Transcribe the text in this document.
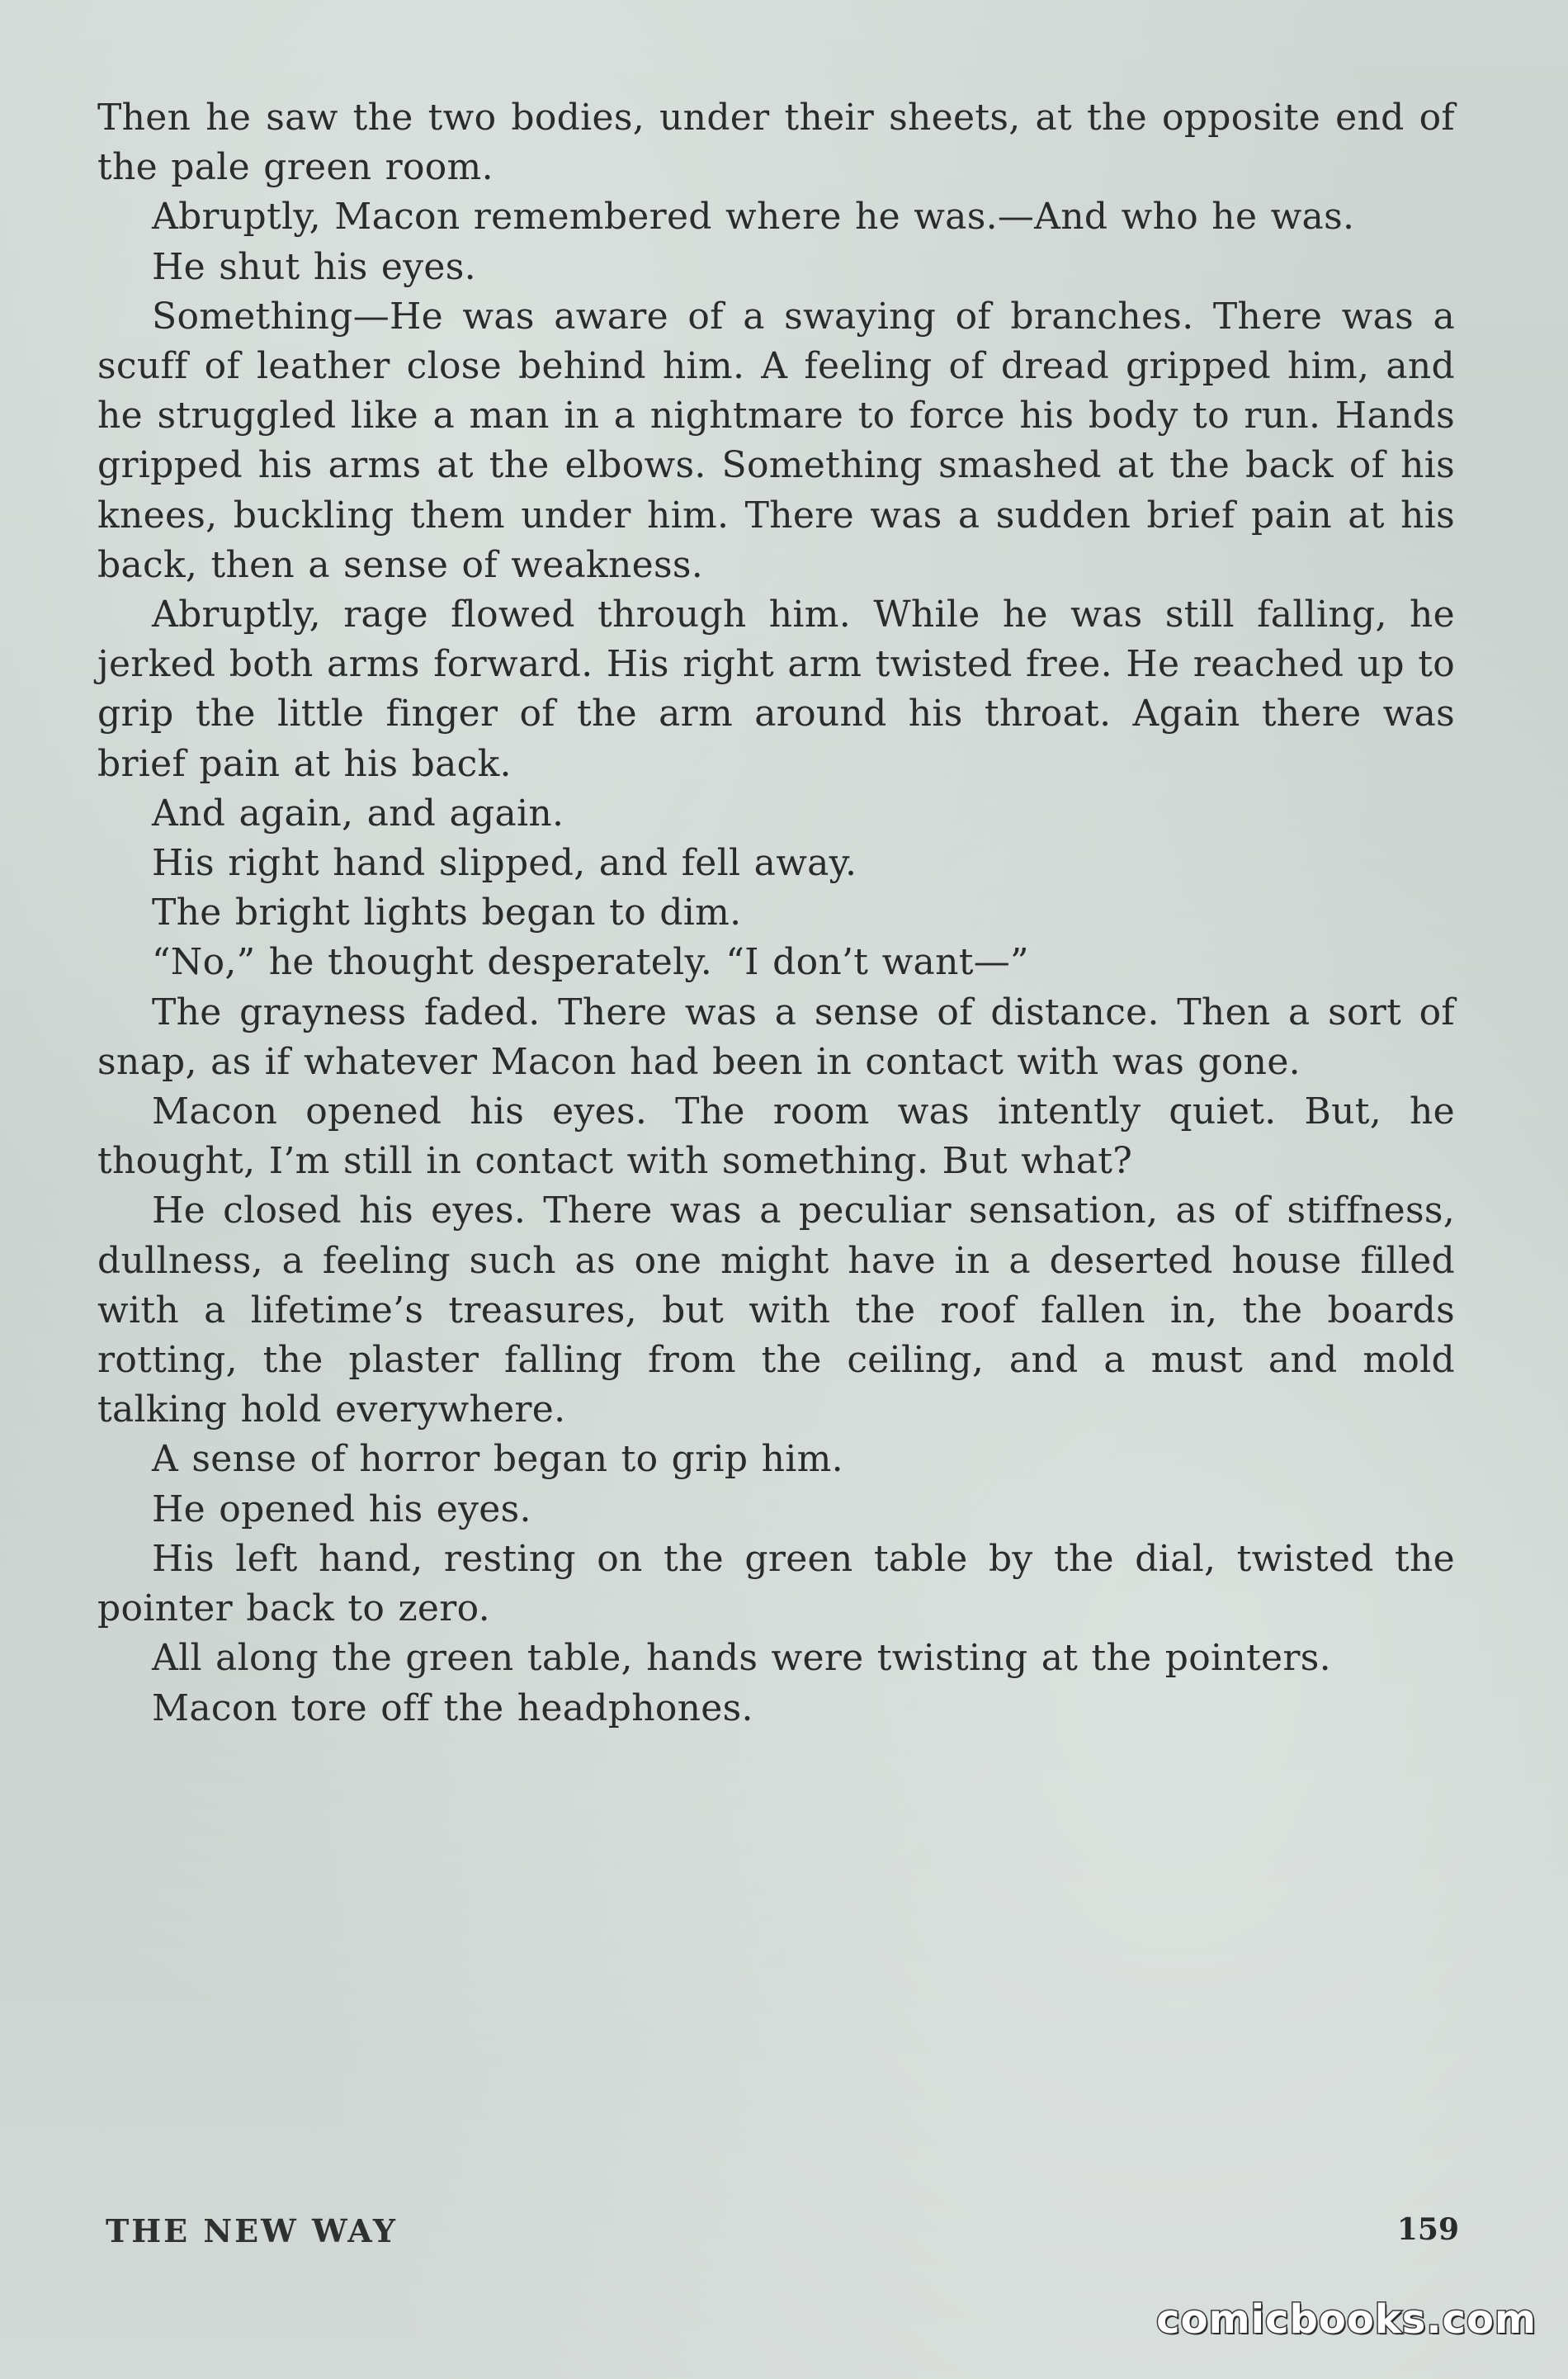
Then he saw the two bodies, under their sheets, at the opposite end of the pale green room.

Abruptly, Macon remembered where he was.—And who he was.

He shut his eyes.

Something—He was aware of a swaying of branches. There was a scuff of leather close behind him. A feeling of dread gripped him, and he struggled like a man in a nightmare to force his body to run. Hands gripped his arms at the elbows. Something smashed at the back of his knees, buckling them under him. There was a sudden brief pain at his back, then a sense of weakness.

Abruptly, rage flowed through him. While he was still falling, he jerked both arms forward. His right arm twisted free. He reached up to grip the little finger of the arm around his throat. Again there was brief pain at his back.

And again, and again.

His right hand slipped, and fell away.

The bright lights began to dim.

“No,” he thought desperately. “I don’t want—”

The grayness faded. There was a sense of distance. Then a sort of snap, as if whatever Macon had been in contact with was gone.

Macon opened his eyes. The room was intently quiet. But, he thought, I’m still in contact with something. But what?

He closed his eyes. There was a peculiar sensation, as of stiffness, dullness, a feeling such as one might have in a deserted house filled with a lifetime’s treasures, but with the roof fallen in, the boards rotting, the plaster falling from the ceiling, and a must and mold talking hold everywhere.

A sense of horror began to grip him.

He opened his eyes.

His left hand, resting on the green table by the dial, twisted the pointer back to zero.

All along the green table, hands were twisting at the pointers.

Macon tore off the headphones.

THE NEW WAY	159
comicbooks.com
